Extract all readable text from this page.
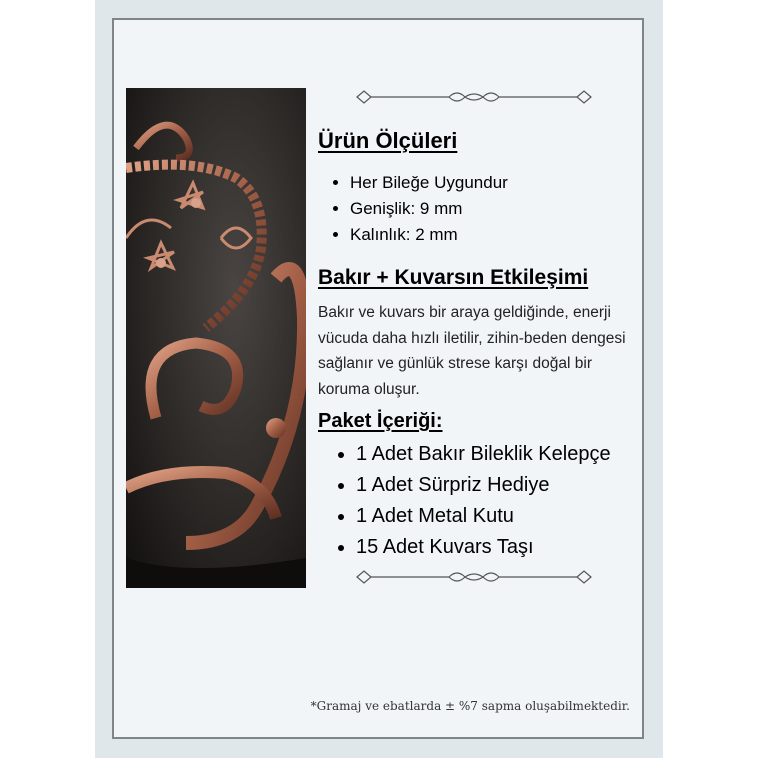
Ürün Ölçüleri
• Her Bileğe Uygundur
• Genişlik: 9 mm
• Kalınlık: 2 mm
Bakır + Kuvarsın Etkileşimi

Bakır ve kuvars bir araya geldiğinde, enerji vücuda daha hızlı iletilir, zihin-beden dengesi sağlanır ve günlük strese karşı doğal bir koruma oluşur.

Paket İçeriği:
• 1 Adet Bakır Bileklik Kelepçe
• 1 Adet Sürpriz Hediye
• 1 Adet Metal Kutu
• 15 Adet Kuvars Taşı
*Gramaj ve ebatlarda ± %7 sapma oluşabilmektedir.
